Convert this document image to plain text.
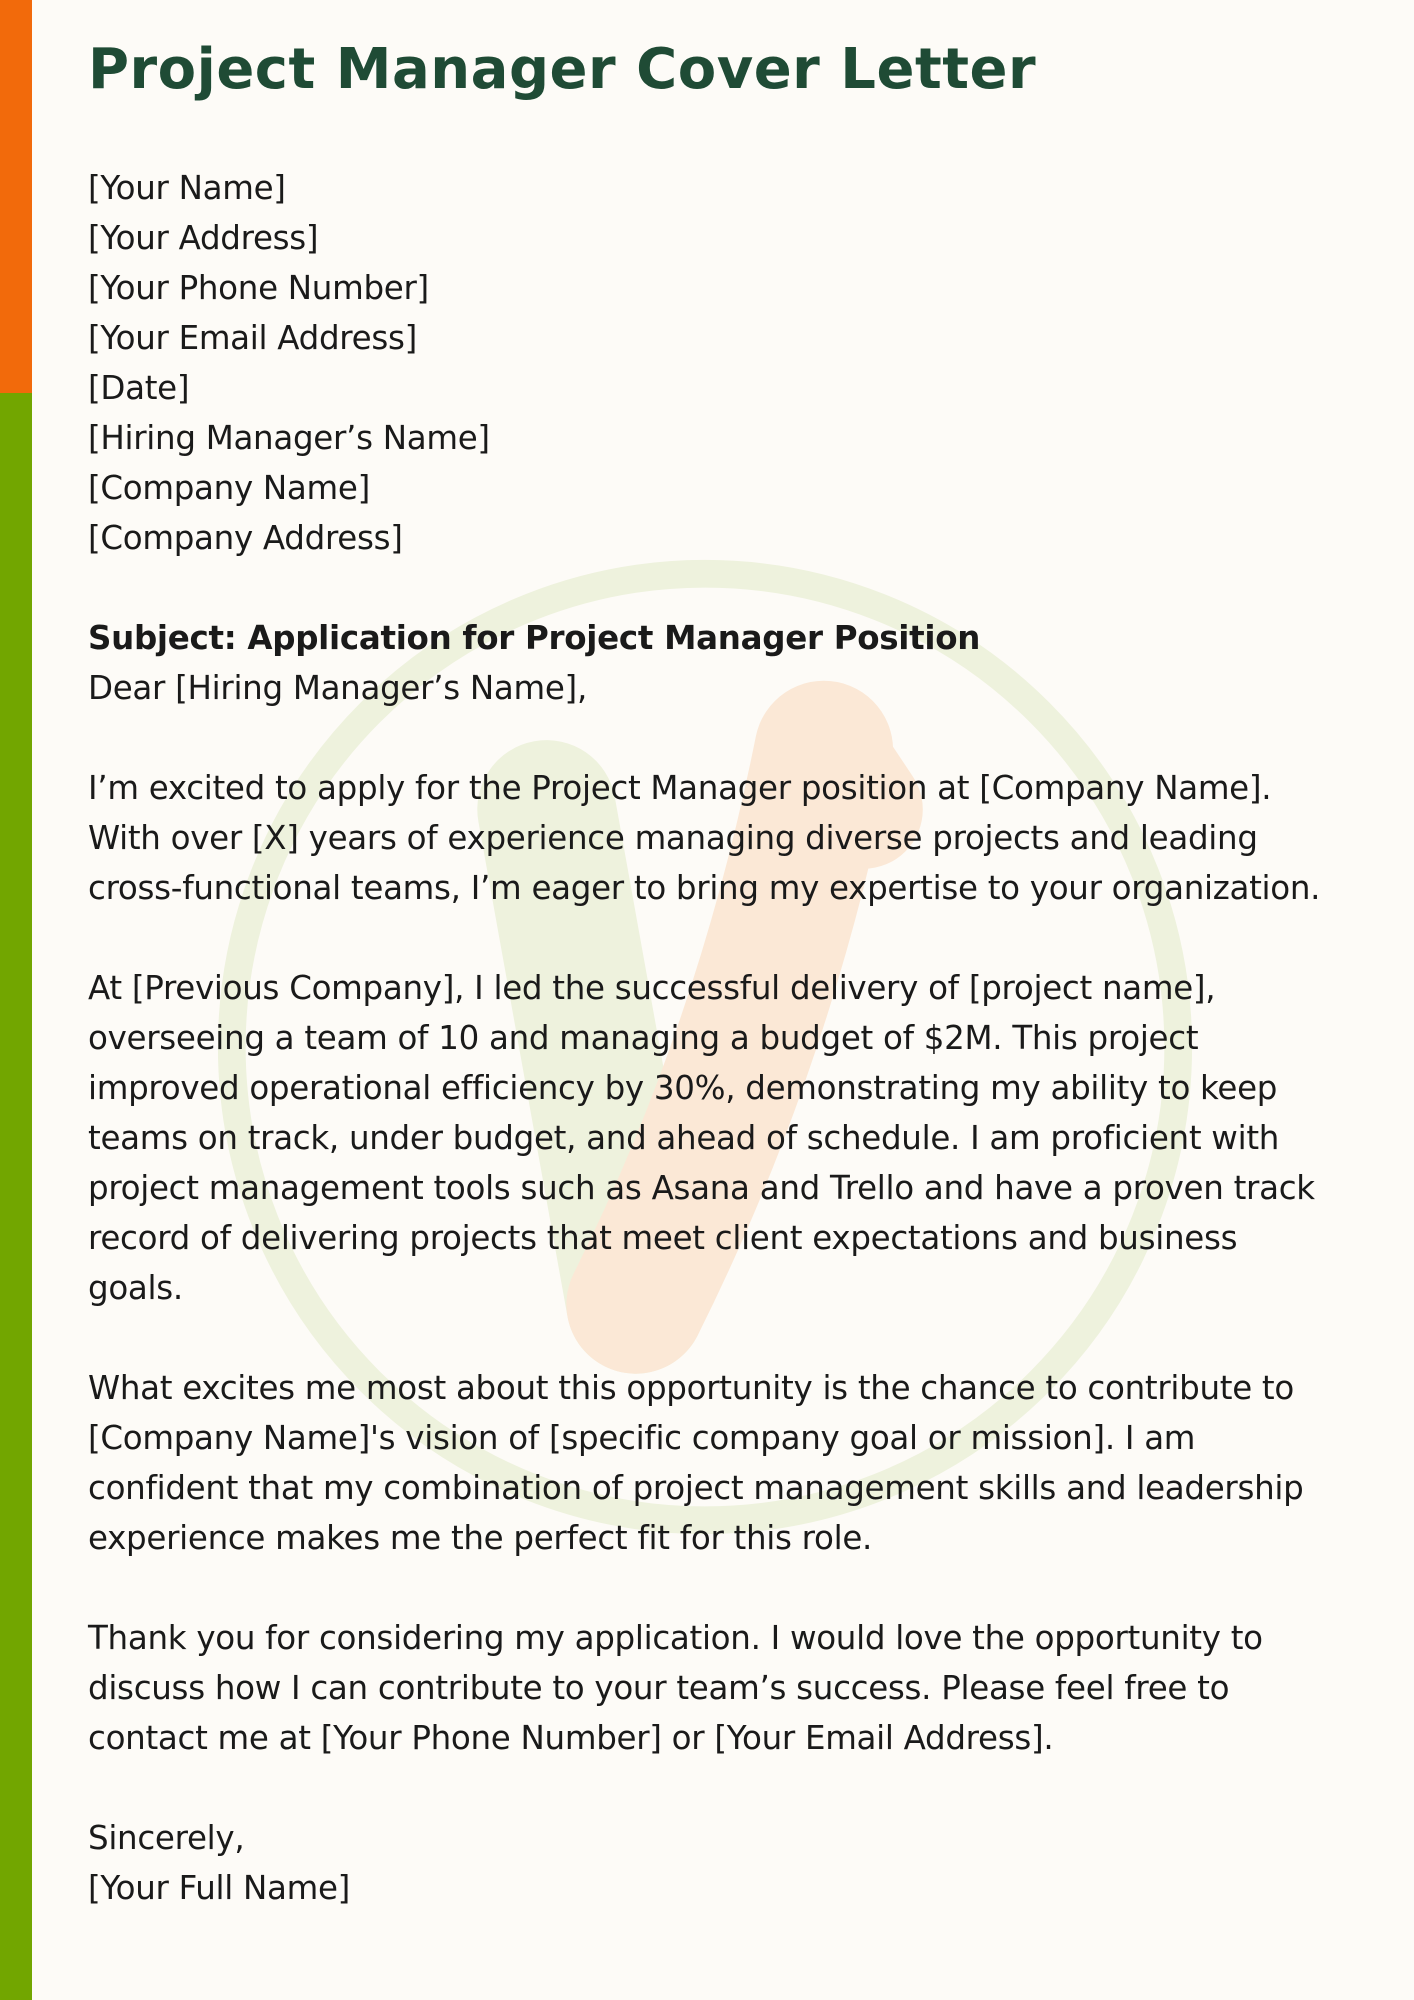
Project Manager Cover Letter
[Your Name]
[Your Address]
[Your Phone Number]
[Your Email Address]
[Date]
[Hiring Manager’s Name]
[Company Name]
[Company Address]
Subject: Application for Project Manager Position
Dear [Hiring Manager’s Name],
I’m excited to apply for the Project Manager position at [Company Name].
With over [X] years of experience managing diverse projects and leading
cross-functional teams, I’m eager to bring my expertise to your organization.
At [Previous Company], I led the successful delivery of [project name],
overseeing a team of 10 and managing a budget of $2M. This project
improved operational efficiency by 30%, demonstrating my ability to keep
teams on track, under budget, and ahead of schedule. I am proficient with
project management tools such as Asana and Trello and have a proven track
record of delivering projects that meet client expectations and business
goals.
What excites me most about this opportunity is the chance to contribute to
[Company Name]'s vision of [specific company goal or mission]. I am
confident that my combination of project management skills and leadership
experience makes me the perfect fit for this role.
Thank you for considering my application. I would love the opportunity to
discuss how I can contribute to your team’s success. Please feel free to
contact me at [Your Phone Number] or [Your Email Address].
Sincerely,
[Your Full Name]
